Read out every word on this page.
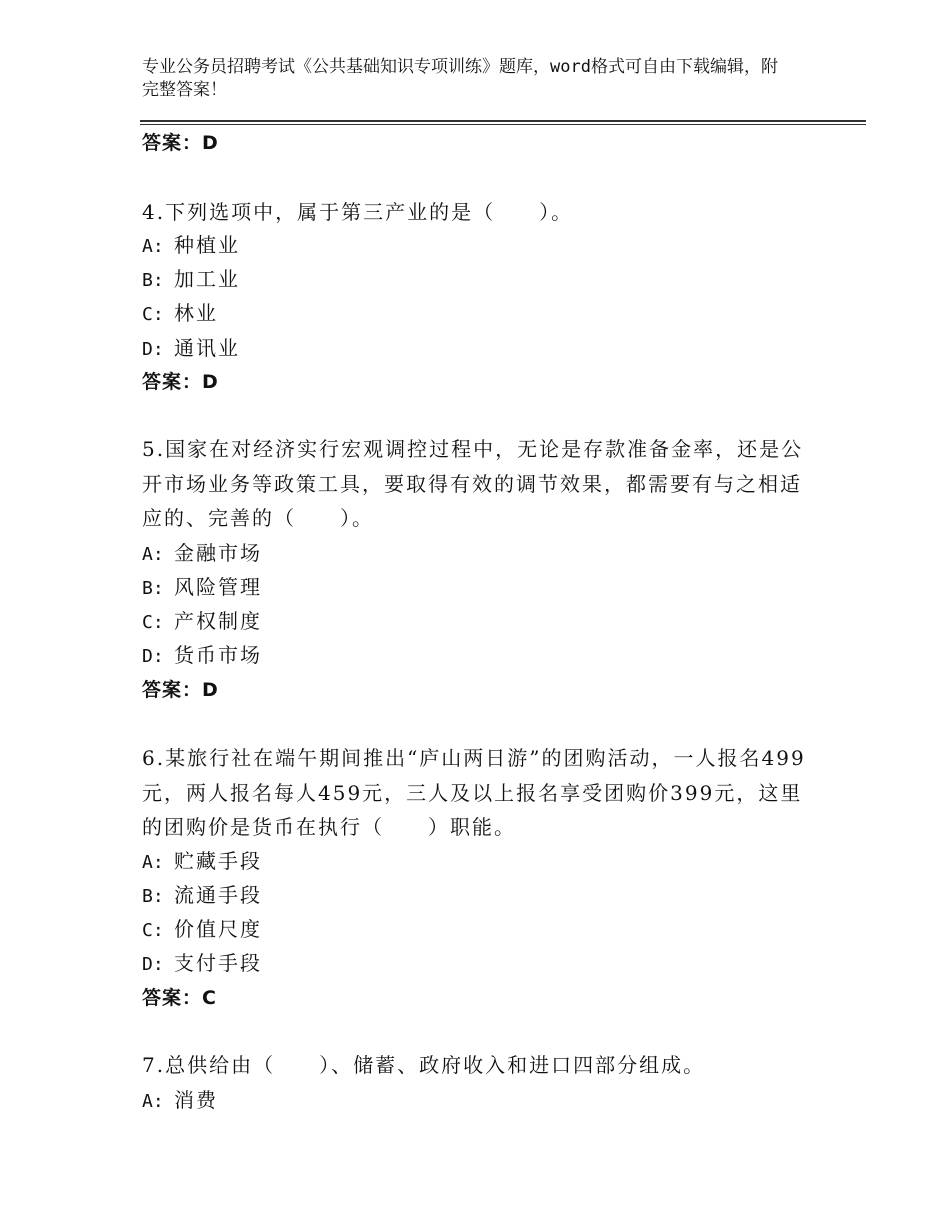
专业公务员招聘考试《公共基础知识专项训练》题库，word格式可自由下载编辑，附完整答案！
答案：D
4.下列选项中，属于第三产业的是（　　）。
A: 种植业
B: 加工业
C: 林业
D: 通讯业
答案：D
5.国家在对经济实行宏观调控过程中，无论是存款准备金率，还是公开市场业务等政策工具，要取得有效的调节效果，都需要有与之相适应的、完善的（　　）。
A: 金融市场
B: 风险管理
C: 产权制度
D: 货币市场
答案：D
6.某旅行社在端午期间推出“庐山两日游”的团购活动，一人报名499元，两人报名每人459元，三人及以上报名享受团购价399元，这里的团购价是货币在执行（　　）职能。
A: 贮藏手段
B: 流通手段
C: 价值尺度
D: 支付手段
答案：C
7.总供给由（　　）、储蓄、政府收入和进口四部分组成。
A: 消费
